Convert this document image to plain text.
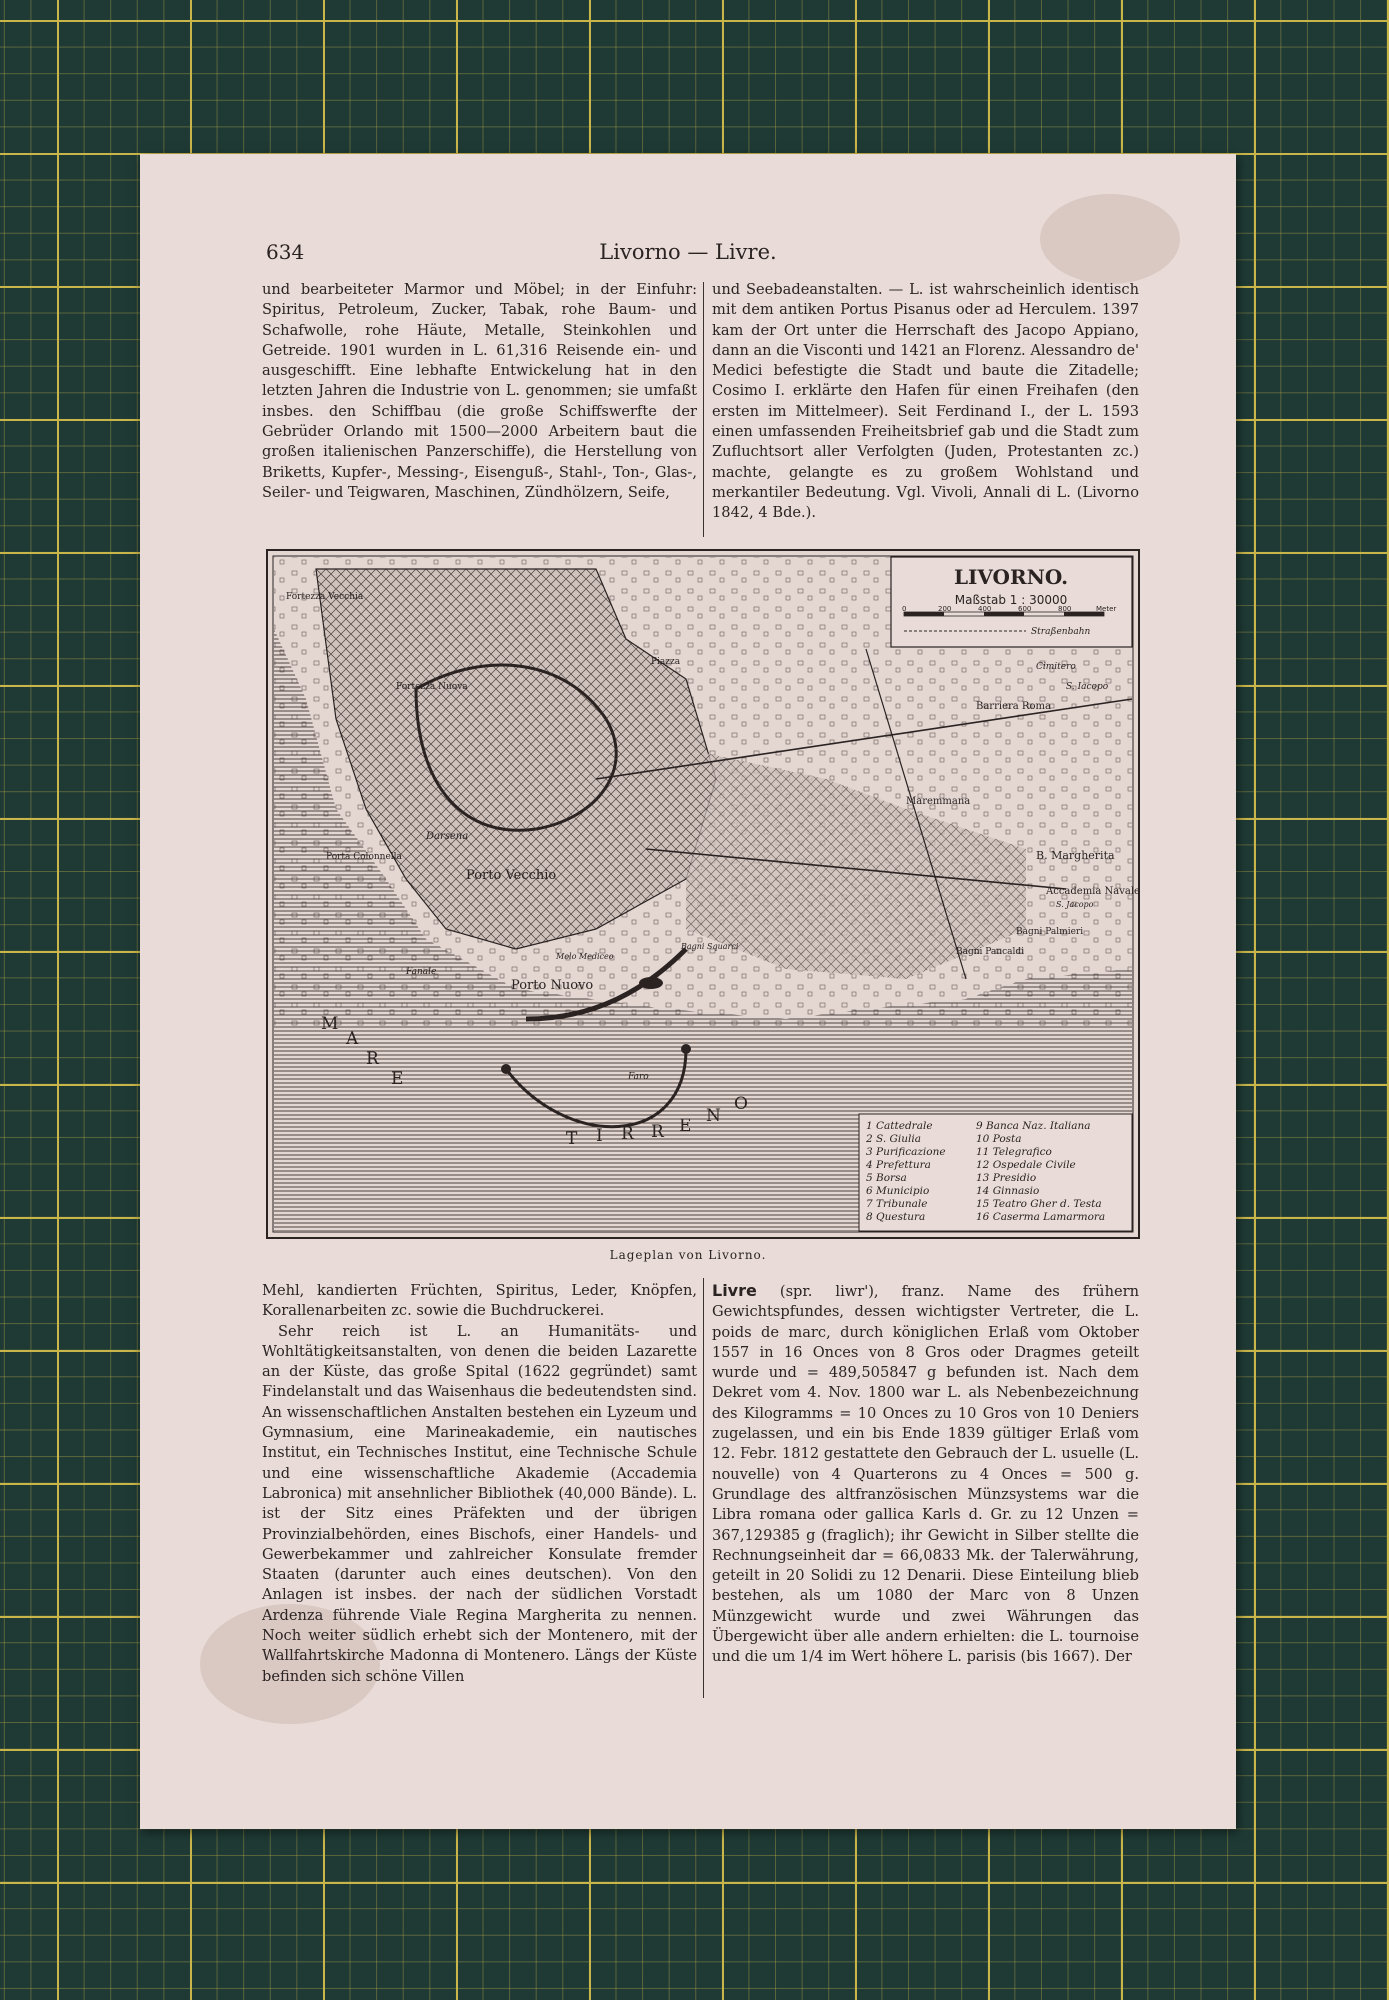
634	Livorno — Livre.

und bearbeiteter Marmor und Möbel; in der Einfuhr: Spiritus, Petroleum, Zucker, Tabak, rohe Baum- und Schafwolle, rohe Häute, Metalle, Steinkohlen und Getreide. 1901 wurden in L. 61,316 Reisende ein- und ausgeschifft. Eine lebhafte Entwickelung hat in den letzten Jahren die Industrie von L. genommen; sie umfaßt insbes. den Schiffbau (die große Schiffswerfte der Gebrüder Orlando mit 1500—2000 Arbeitern baut die großen italienischen Panzerschiffe), die Herstellung von Briketts, Kupfer-, Messing-, Eisenguß-, Stahl-, Ton-, Glas-, Seiler- und Teigwaren, Maschinen, Zündhölzern, Seife,

und Seebadeanstalten. — L. ist wahrscheinlich identisch mit dem antiken Portus Pisanus oder ad Herculem. 1397 kam der Ort unter die Herrschaft des Jacopo Appiano, dann an die Visconti und 1421 an Florenz. Alessandro de' Medici befestigte die Stadt und baute die Zitadelle; Cosimo I. erklärte den Hafen für einen Freihafen (den ersten im Mittelmeer). Seit Ferdinand I., der L. 1593 einen umfassenden Freiheitsbrief gab und die Stadt zum Zufluchtsort aller Verfolgten (Juden, Protestanten zc.) machte, gelangte es zu großem Wohlstand und merkantiler Bedeutung. Vgl. Vivoli, Annali di L. (Livorno 1842, 4 Bde.).

Porto Vecchio
Porto Nuovo
Darsena
Fortezza Vecchia
Fortezza Nuova
Porta Colonnella	B. Margherita
Accademia Navale
Bagni Palmieri
Bagni Pancaldi
Barriera Roma
Cimitero
Faro
Fanale
S. Jacopo
Maremmana
Molo Mediceo
Bagni Squarci
Piazza
S. Iacopo
M
A
R
E
T I R R E N
O
LIVORNO.
Maßstab 1 : 30000
0	200	400	600	800	Meter
Straßenbahn
1 Cattedrale
2 S. Giulia
3 Purificazione
4 Prefettura
5 Borsa
6 Municipio
7 Tribunale
8 Questura
9 Banca Naz. Italiana
10 Posta
11 Telegrafico
12 Ospedale Civile
13 Presidio
14 Ginnasio
15 Teatro Gher d. Testa
16 Caserma Lamarmora
Lageplan von Livorno.

Mehl, kandierten Früchten, Spiritus, Leder, Knöpfen, Korallenarbeiten zc. sowie die Buchdruckerei.

Sehr reich ist L. an Humanitäts- und Wohltätigkeitsanstalten, von denen die beiden Lazarette an der Küste, das große Spital (1622 gegründet) samt Findelanstalt und das Waisenhaus die bedeutendsten sind. An wissenschaftlichen Anstalten bestehen ein Lyzeum und Gymnasium, eine Marineakademie, ein nautisches Institut, ein Technisches Institut, eine Technische Schule und eine wissenschaftliche Akademie (Accademia Labronica) mit ansehnlicher Bibliothek (40,000 Bände). L. ist der Sitz eines Präfekten und der übrigen Provinzialbehörden, eines Bischofs, einer Handels- und Gewerbekammer und zahlreicher Konsulate fremder Staaten (darunter auch eines deutschen). Von den Anlagen ist insbes. der nach der südlichen Vorstadt Ardenza führende Viale Regina Margherita zu nennen. Noch weiter südlich erhebt sich der Montenero, mit der Wallfahrtskirche Madonna di Montenero. Längs der Küste befinden sich schöne Villen

Livre (spr. liwr'), franz. Name des frühern Gewichtspfundes, dessen wichtigster Vertreter, die L. poids de marc, durch königlichen Erlaß vom Oktober 1557 in 16 Onces von 8 Gros oder Dragmes geteilt wurde und = 489,505847 g befunden ist. Nach dem Dekret vom 4. Nov. 1800 war L. als Nebenbezeichnung des Kilogramms = 10 Onces zu 10 Gros von 10 Deniers zugelassen, und ein bis Ende 1839 gültiger Erlaß vom 12. Febr. 1812 gestattete den Gebrauch der L. usuelle (L. nouvelle) von 4 Quarterons zu 4 Onces = 500 g. Grundlage des altfranzösischen Münzsystems war die Libra romana oder gallica Karls d. Gr. zu 12 Unzen = 367,129385 g (fraglich); ihr Gewicht in Silber stellte die Rechnungseinheit dar = 66,0833 Mk. der Talerwährung, geteilt in 20 Solidi zu 12 Denarii. Diese Einteilung blieb bestehen, als um 1080 der Marc von 8 Unzen Münzgewicht wurde und zwei Währungen das Übergewicht über alle andern erhielten: die L. tournoise und die um 1/4 im Wert höhere L. parisis (bis 1667). Der
